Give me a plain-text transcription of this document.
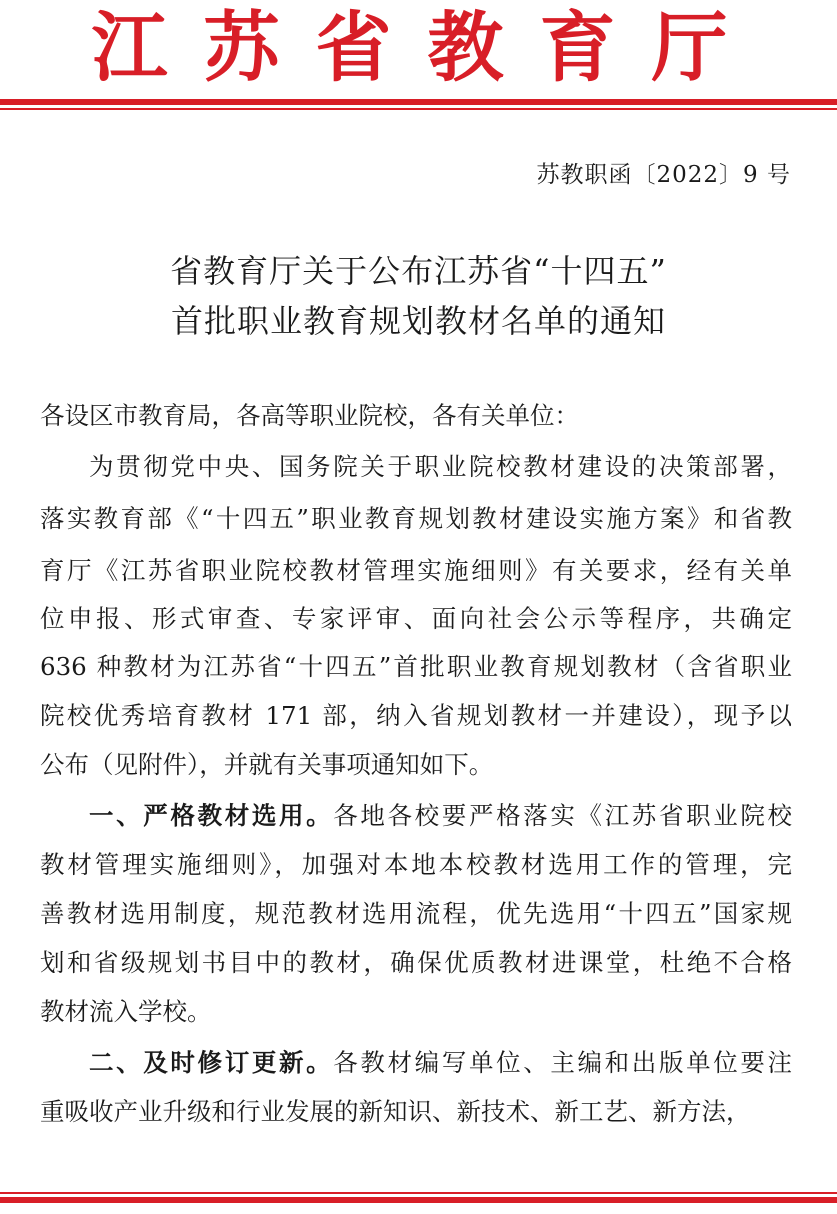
江苏省教育厅
苏教职函〔2022〕9 号
省教育厅关于公布江苏省“十四五”
首批职业教育规划教材名单的通知
各设区市教育局，各高等职业院校，各有关单位：
为贯彻党中央、国务院关于职业院校教材建设的决策部署，
落实教育部《“十四五”职业教育规划教材建设实施方案》和省教
育厅《江苏省职业院校教材管理实施细则》有关要求，经有关单
位申报、形式审查、专家评审、面向社会公示等程序，共确定
636 种教材为江苏省“十四五”首批职业教育规划教材（含省职业
院校优秀培育教材 171 部，纳入省规划教材一并建设），现予以
公布（见附件），并就有关事项通知如下。
一、严格教材选用。各地各校要严格落实《江苏省职业院校
教材管理实施细则》，加强对本地本校教材选用工作的管理，完
善教材选用制度，规范教材选用流程，优先选用“十四五”国家规
划和省级规划书目中的教材，确保优质教材进课堂，杜绝不合格
教材流入学校。
二、及时修订更新。各教材编写单位、主编和出版单位要注
重吸收产业升级和行业发展的新知识、新技术、新工艺、新方法，
